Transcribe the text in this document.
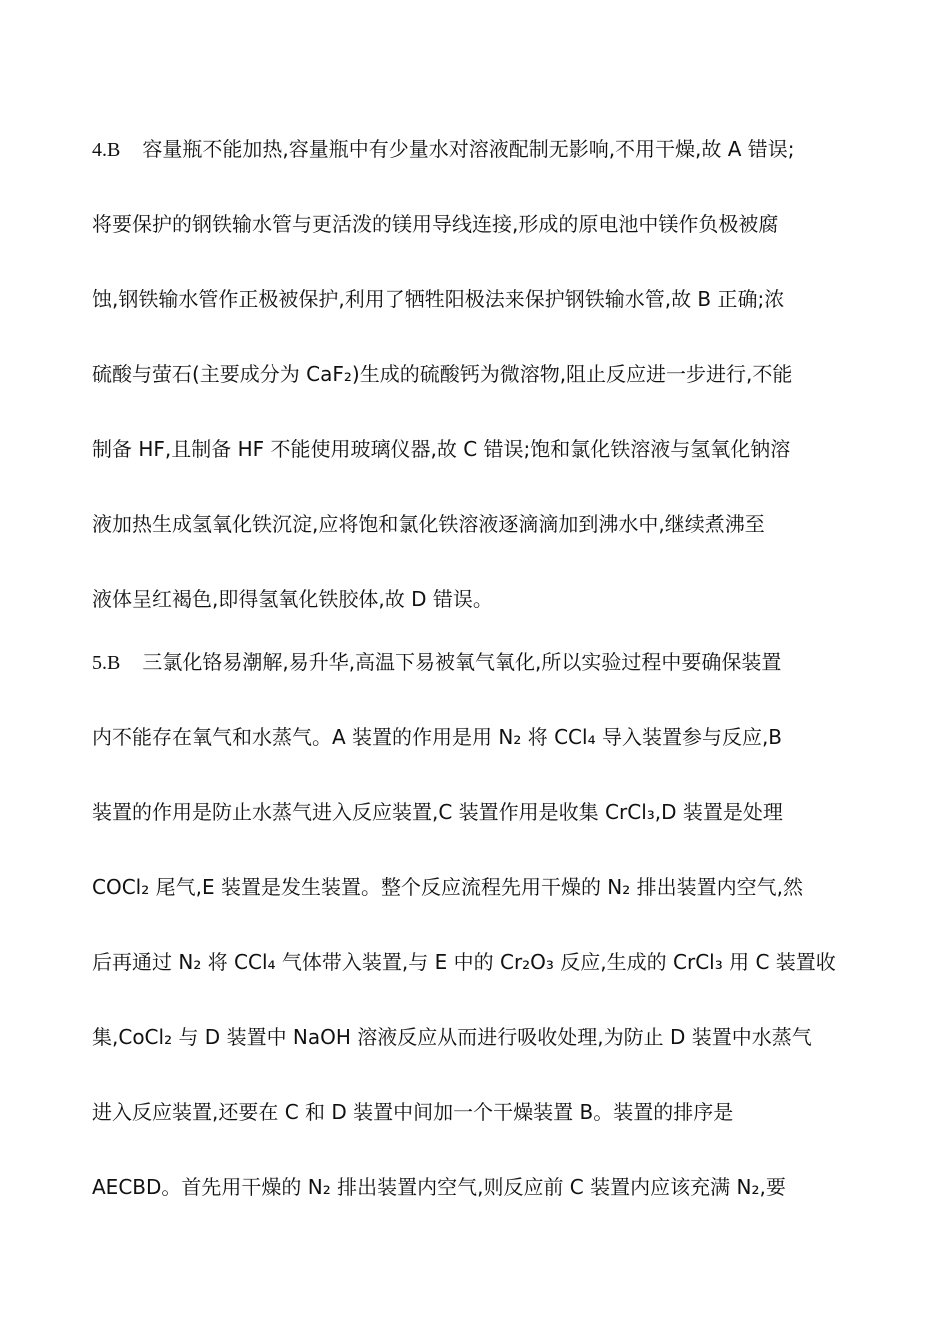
4.B 容量瓶不能加热,容量瓶中有少量水对溶液配制无影响,不用干燥,故 A 错误;
将要保护的钢铁输水管与更活泼的镁用导线连接,形成的原电池中镁作负极被腐
蚀,钢铁输水管作正极被保护,利用了牺牲阳极法来保护钢铁输水管,故 B 正确;浓
硫酸与萤石(主要成分为 CaF₂)生成的硫酸钙为微溶物,阻止反应进一步进行,不能
制备 HF,且制备 HF 不能使用玻璃仪器,故 C 错误;饱和氯化铁溶液与氢氧化钠溶
液加热生成氢氧化铁沉淀,应将饱和氯化铁溶液逐滴滴加到沸水中,继续煮沸至
液体呈红褐色,即得氢氧化铁胶体,故 D 错误。
5.B 三氯化铬易潮解,易升华,高温下易被氧气氧化,所以实验过程中要确保装置
内不能存在氧气和水蒸气。A 装置的作用是用 N₂ 将 CCl₄ 导入装置参与反应,B
装置的作用是防止水蒸气进入反应装置,C 装置作用是收集 CrCl₃,D 装置是处理
COCl₂ 尾气,E 装置是发生装置。整个反应流程先用干燥的 N₂ 排出装置内空气,然
后再通过 N₂ 将 CCl₄ 气体带入装置,与 E 中的 Cr₂O₃ 反应,生成的 CrCl₃ 用 C 装置收
集,CoCl₂ 与 D 装置中 NaOH 溶液反应从而进行吸收处理,为防止 D 装置中水蒸气
进入反应装置,还要在 C 和 D 装置中间加一个干燥装置 B。装置的排序是
AECBD。首先用干燥的 N₂ 排出装置内空气,则反应前 C 装置内应该充满 N₂,要
